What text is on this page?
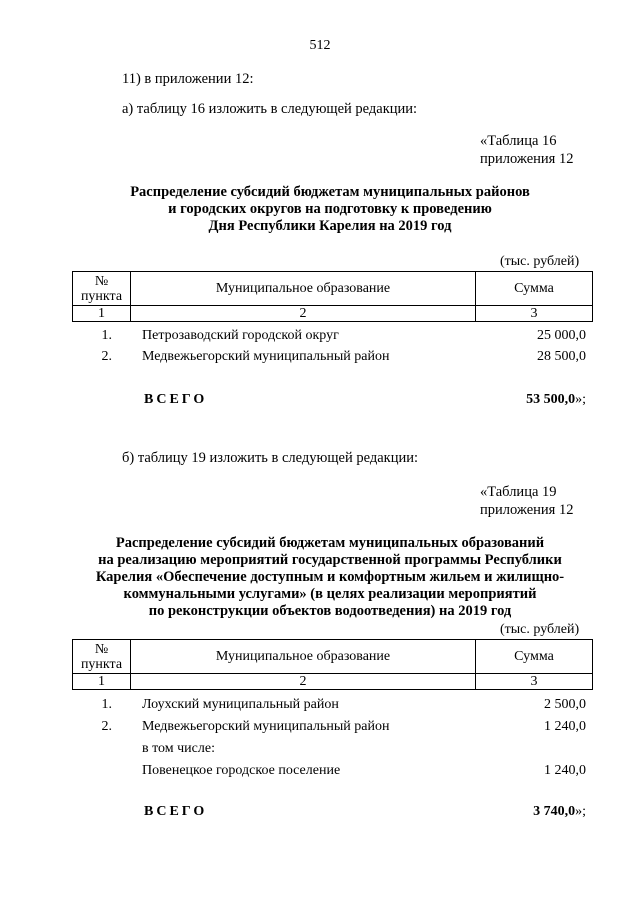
512
11) в приложении 12:
а) таблицу 16 изложить в следующей редакции:
«Таблица 16
приложения 12
Распределение субсидий бюджетам муниципальных районов
и городских округов на подготовку к проведению
Дня Республики Карелия на 2019 год
(тыс. рублей)
№
пункта	Муниципальное образование	Сумма
1	2	3
1. Петрозаводский городской округ	25 000,0
2. Медвежьегорский муниципальный район	28 500,0
ВСЕГО	53 500,0»;
б) таблицу 19 изложить в следующей редакции:
«Таблица 19
приложения 12
Распределение субсидий бюджетам муниципальных образований
на реализацию мероприятий государственной программы Республики
Карелия «Обеспечение доступным и комфортным жильем и жилищно-
коммунальными услугами» (в целях реализации мероприятий
по реконструкции объектов водоотведения) на 2019 год
(тыс. рублей)
№
пункта	Муниципальное образование	Сумма
1	2	3
1. Лоухский муниципальный район	2 500,0
2. Медвежьегорский муниципальный район	1 240,0
в том числе:
Повенецкое городское поселение	1 240,0
ВСЕГО	3 740,0»;
